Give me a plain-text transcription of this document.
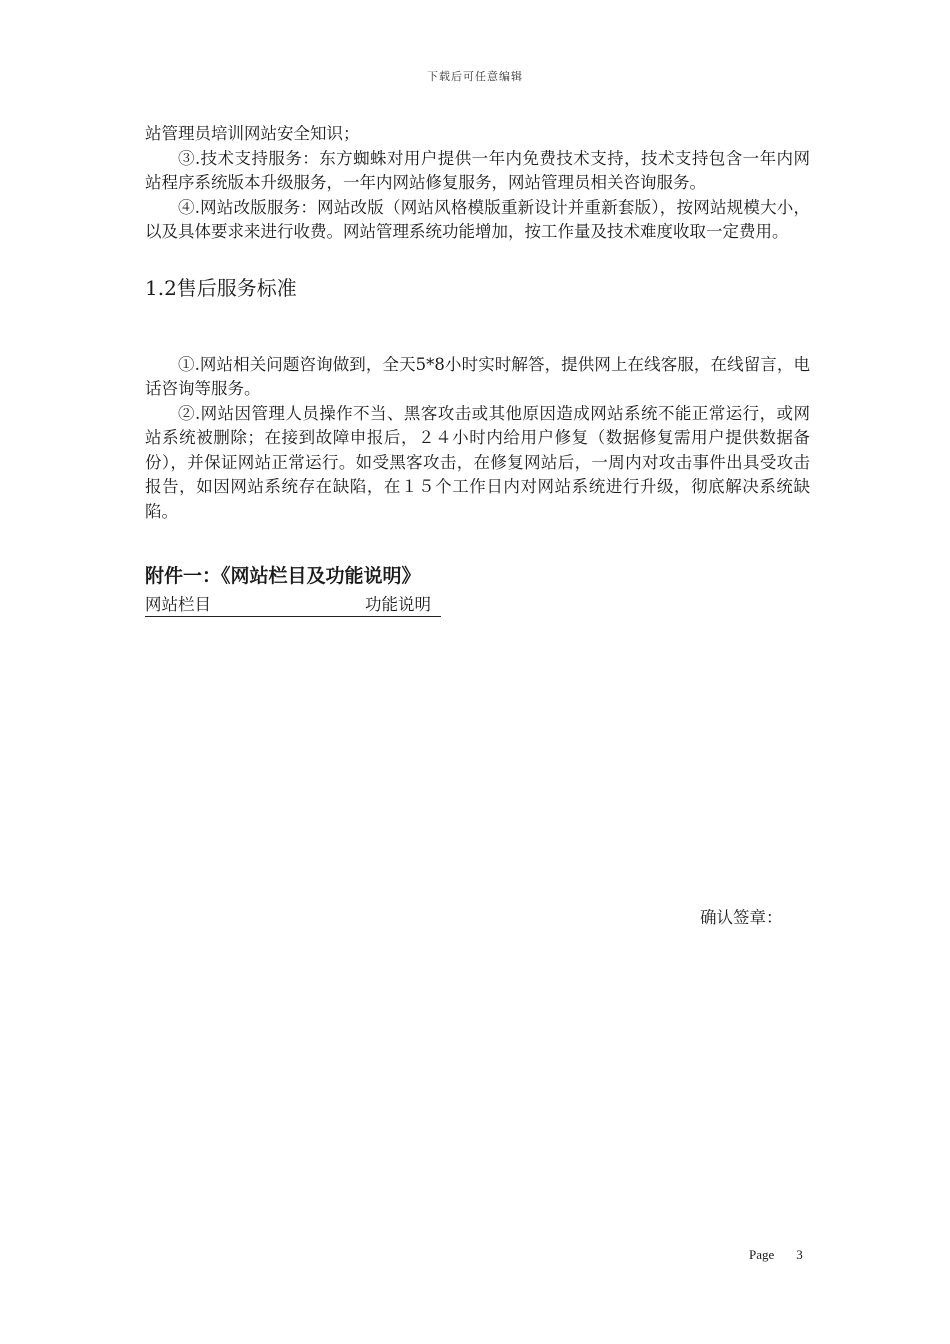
下载后可任意编辑

站管理员培训网站安全知识；

③.技术支持服务：东方蜘蛛对用户提供一年内免费技术支持，技术支持包含一年内网站程序系统版本升级服务，一年内网站修复服务，网站管理员相关咨询服务。

④.网站改版服务：网站改版（网站风格模版重新设计并重新套版），按网站规模大小，以及具体要求来进行收费。网站管理系统功能增加，按工作量及技术难度收取一定费用。

1.2售后服务标准

①.网站相关问题咨询做到，全天5*8小时实时解答，提供网上在线客服，在线留言，电话咨询等服务。

②.网站因管理人员操作不当、黑客攻击或其他原因造成网站系统不能正常运行，或网站系统被删除；在接到故障申报后，２４小时内给用户修复（数据修复需用户提供数据备份），并保证网站正常运行。如受黑客攻击，在修复网站后，一周内对攻击事件出具受攻击报告，如因网站系统存在缺陷，在１５个工作日内对网站系统进行升级，彻底解决系统缺陷。

附件一：《网站栏目及功能说明》
网站栏目	功能说明
确认签章：
Page 3
